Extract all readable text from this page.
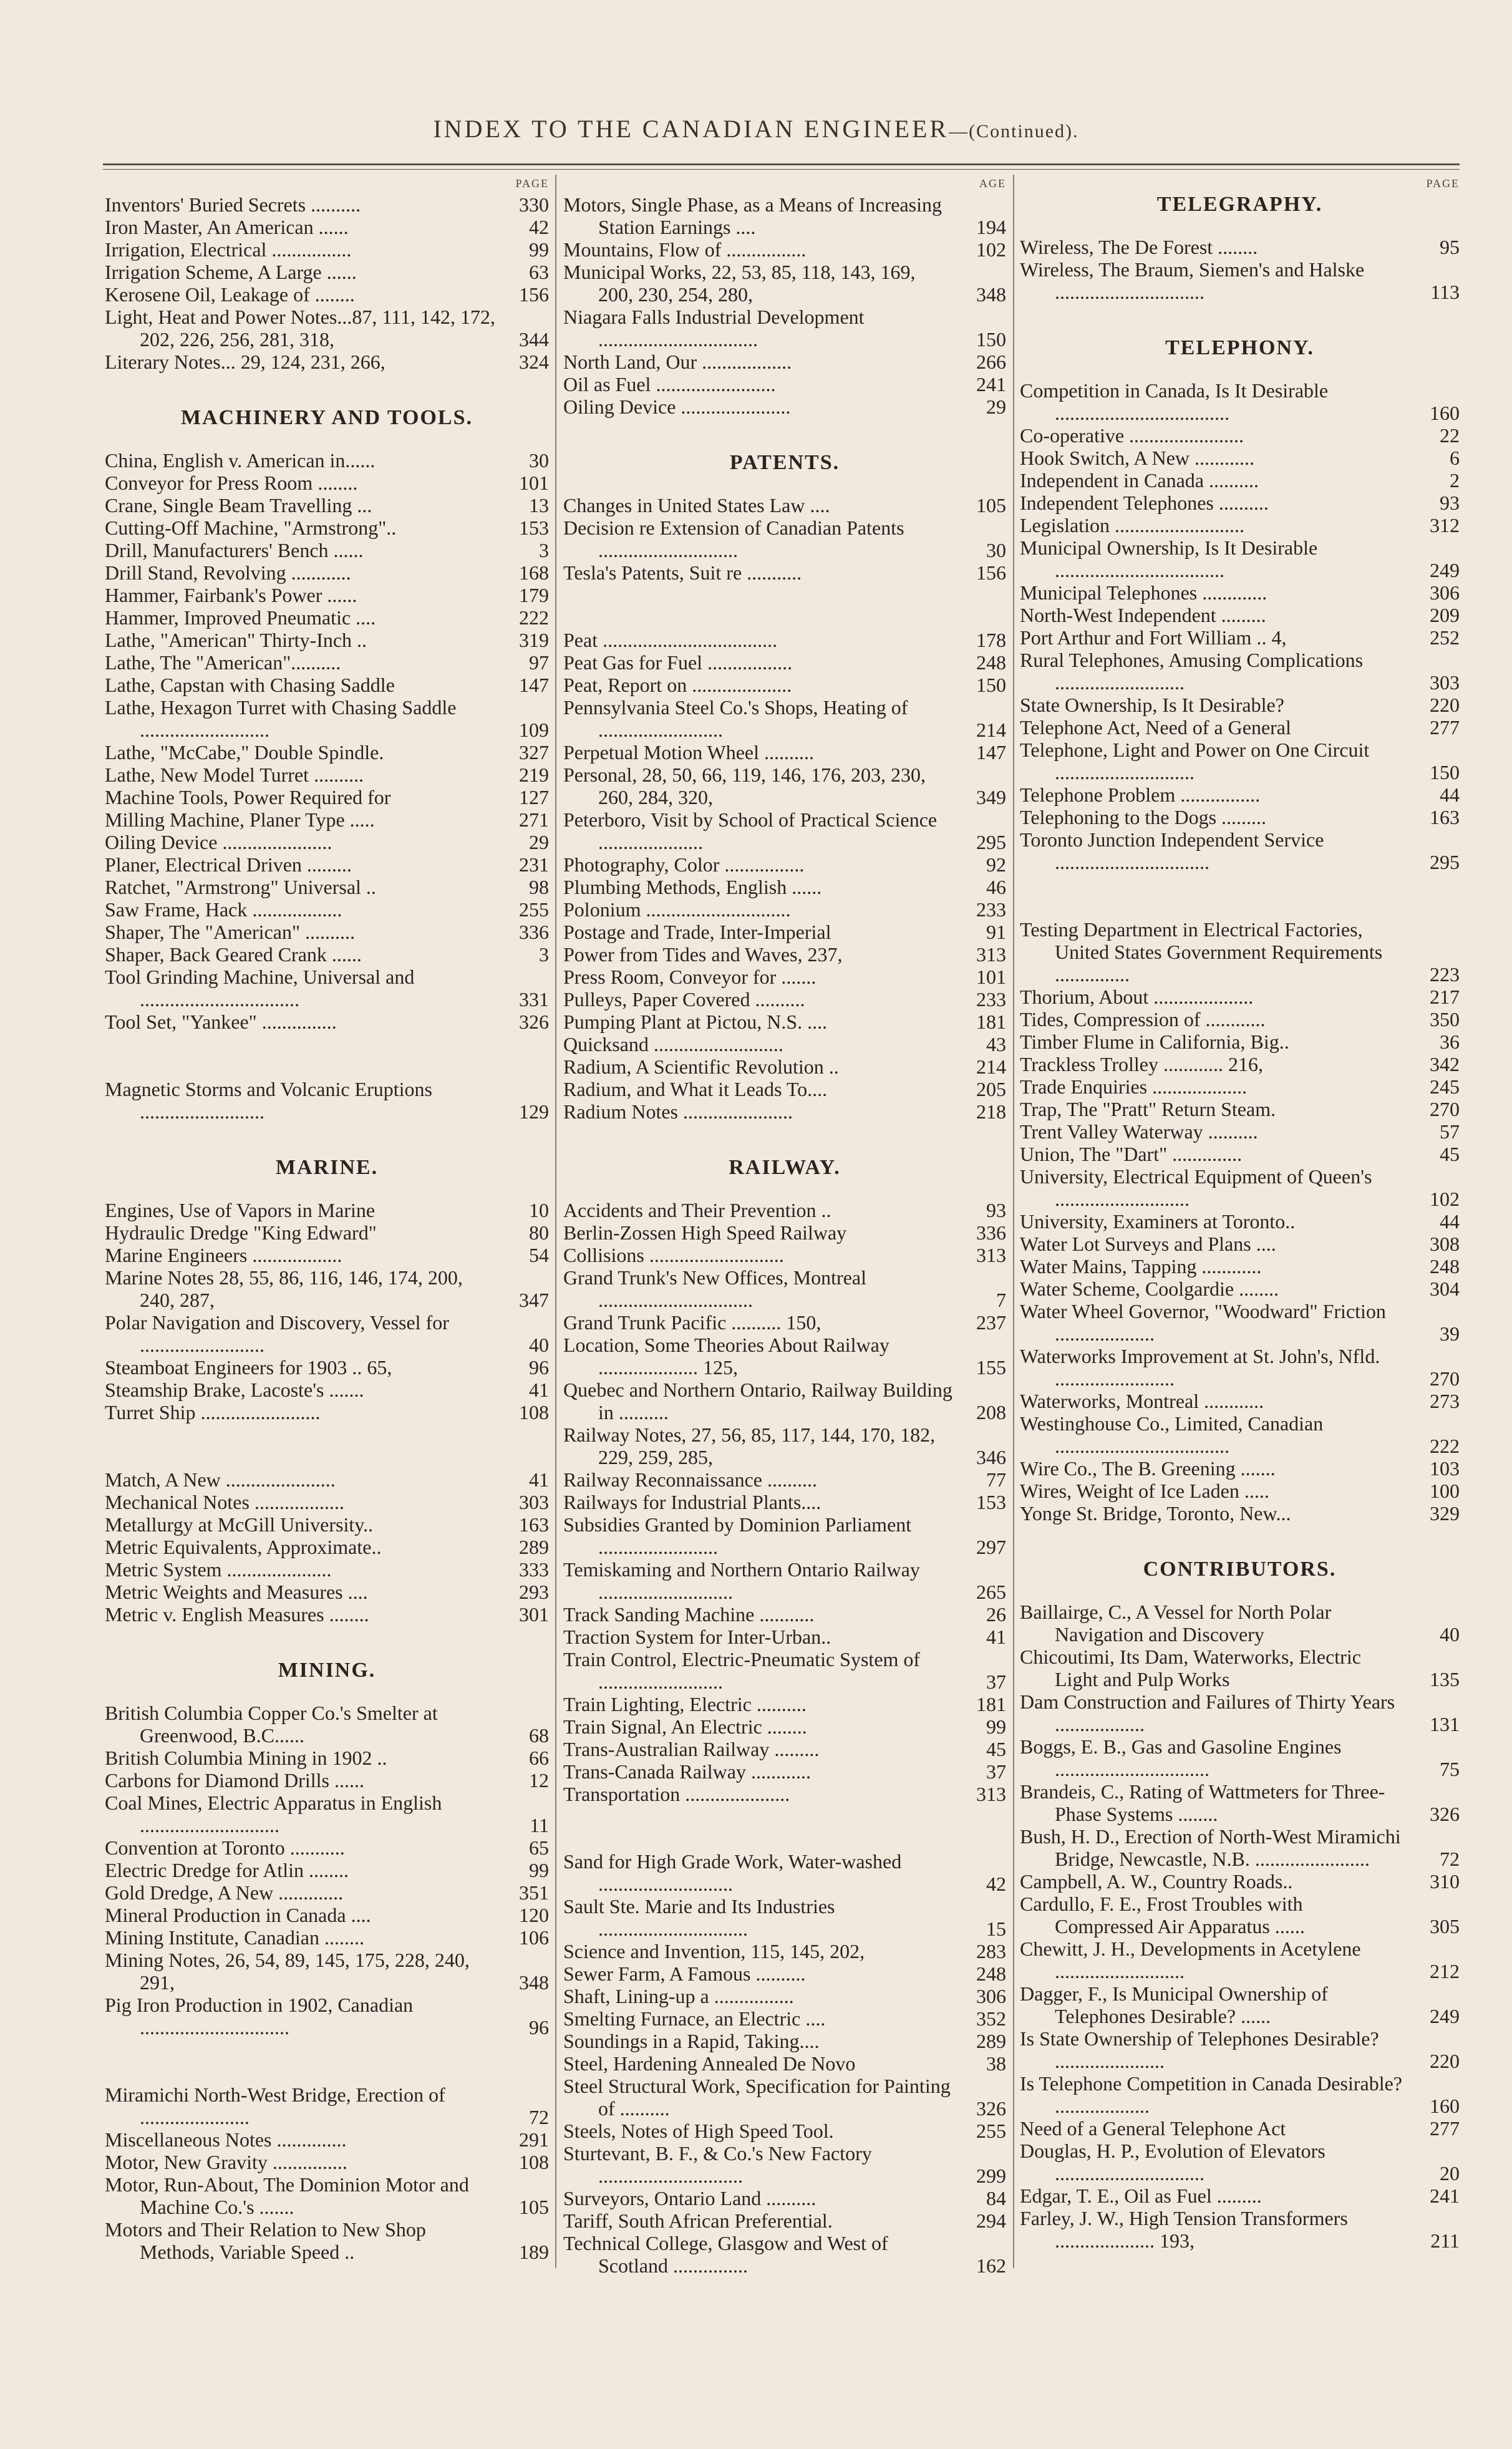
INDEX TO THE CANADIAN ENGINEER—(Continued).
PAGE
Inventors' Buried Secrets ..........	330
Iron Master, An American ......	42
Irrigation, Electrical ................	99
Irrigation Scheme, A Large ......	63
Kerosene Oil, Leakage of ........	156
Light, Heat and Power Notes...87, 111, 142, 172, 202, 226, 256, 281, 318,	344
Literary Notes... 29, 124, 231, 266,	324
MACHINERY AND TOOLS.
China, English v. American in......	30
Conveyor for Press Room ........	101
Crane, Single Beam Travelling ...	13
Cutting-Off Machine, "Armstrong"..	153
Drill, Manufacturers' Bench ......	3
Drill Stand, Revolving ............	168
Hammer, Fairbank's Power ......	179
Hammer, Improved Pneumatic ....	222
Lathe, "American" Thirty-Inch ..	319
Lathe, The "American"..........	97
Lathe, Capstan with Chasing Saddle	147
Lathe, Hexagon Turret with Chasing Saddle ..........................	109
Lathe, "McCabe," Double Spindle.	327
Lathe, New Model Turret ..........	219
Machine Tools, Power Required for	127
Milling Machine, Planer Type .....	271
Oiling Device ......................	29
Planer, Electrical Driven .........	231
Ratchet, "Armstrong" Universal ..	98
Saw Frame, Hack ..................	255
Shaper, The "American" ..........	336
Shaper, Back Geared Crank ......	3
Tool Grinding Machine, Universal and ................................	331
Tool Set, "Yankee" ...............	326
Magnetic Storms and Volcanic Eruptions .........................	129
MARINE.
Engines, Use of Vapors in Marine	10
Hydraulic Dredge "King Edward"	80
Marine Engineers ..................	54
Marine Notes 28, 55, 86, 116, 146, 174, 200, 240, 287,	347
Polar Navigation and Discovery, Vessel for .........................	40
Steamboat Engineers for 1903 .. 65,	96
Steamship Brake, Lacoste's .......	41
Turret Ship ........................	108
Match, A New ......................	41
Mechanical Notes ..................	303
Metallurgy at McGill University..	163
Metric Equivalents, Approximate..	289
Metric System .....................	333
Metric Weights and Measures ....	293
Metric v. English Measures ........	301
MINING.
British Columbia Copper Co.'s Smelter at Greenwood, B.C......	68
British Columbia Mining in 1902 ..	66
Carbons for Diamond Drills ......	12
Coal Mines, Electric Apparatus in English ............................	11
Convention at Toronto ...........	65
Electric Dredge for Atlin ........	99
Gold Dredge, A New .............	351
Mineral Production in Canada ....	120
Mining Institute, Canadian ........	106
Mining Notes, 26, 54, 89, 145, 175, 228, 240, 291,	348
Pig Iron Production in 1902, Canadian ..............................	96
Miramichi North-West Bridge, Erection of ......................	72
Miscellaneous Notes ..............	291
Motor, New Gravity ...............	108
Motor, Run-About, The Dominion Motor and Machine Co.'s .......	105
Motors and Their Relation to New Shop Methods, Variable Speed ..	189
AGE
Motors, Single Phase, as a Means of Increasing Station Earnings ....	194
Mountains, Flow of ................	102
Municipal Works, 22, 53, 85, 118, 143, 169, 200, 230, 254, 280,	348
Niagara Falls Industrial Development ................................	150
North Land, Our ..................	266
Oil as Fuel ........................	241
Oiling Device ......................	29
PATENTS.
Changes in United States Law ....	105
Decision re Extension of Canadian Patents ............................	30
Tesla's Patents, Suit re ...........	156
Peat ...................................	178
Peat Gas for Fuel .................	248
Peat, Report on ....................	150
Pennsylvania Steel Co.'s Shops, Heating of .........................	214
Perpetual Motion Wheel ..........	147
Personal, 28, 50, 66, 119, 146, 176, 203, 230, 260, 284, 320,	349
Peterboro, Visit by School of Practical Science .....................	295
Photography, Color ................	92
Plumbing Methods, English ......	46
Polonium .............................	233
Postage and Trade, Inter-Imperial	91
Power from Tides and Waves, 237,	313
Press Room, Conveyor for .......	101
Pulleys, Paper Covered ..........	233
Pumping Plant at Pictou, N.S. ....	181
Quicksand ..........................	43
Radium, A Scientific Revolution ..	214
Radium, and What it Leads To....	205
Radium Notes ......................	218
RAILWAY.
Accidents and Their Prevention ..	93
Berlin-Zossen High Speed Railway	336
Collisions ...........................	313
Grand Trunk's New Offices, Montreal ...............................	7
Grand Trunk Pacific .......... 150,	237
Location, Some Theories About Railway .................... 125,	155
Quebec and Northern Ontario, Railway Building in ..........	208
Railway Notes, 27, 56, 85, 117, 144, 170, 182, 229, 259, 285,	346
Railway Reconnaissance ..........	77
Railways for Industrial Plants....	153
Subsidies Granted by Dominion Parliament ........................	297
Temiskaming and Northern Ontario Railway ...........................	265
Track Sanding Machine ...........	26
Traction System for Inter-Urban..	41
Train Control, Electric-Pneumatic System of .........................	37
Train Lighting, Electric ..........	181
Train Signal, An Electric ........	99
Trans-Australian Railway .........	45
Trans-Canada Railway ............	37
Transportation .....................	313
Sand for High Grade Work, Water-washed ...........................	42
Sault Ste. Marie and Its Industries ..............................	15
Science and Invention, 115, 145, 202,	283
Sewer Farm, A Famous ..........	248
Shaft, Lining-up a ................	306
Smelting Furnace, an Electric ....	352
Soundings in a Rapid, Taking....	289
Steel, Hardening Annealed De Novo	38
Steel Structural Work, Specification for Painting of ..........	326
Steels, Notes of High Speed Tool.	255
Sturtevant, B. F., & Co.'s New Factory .............................	299
Surveyors, Ontario Land ..........	84
Tariff, South African Preferential.	294
Technical College, Glasgow and West of Scotland ...............	162
PAGE
TELEGRAPHY.
Wireless, The De Forest ........	95
Wireless, The Braum, Siemen's and Halske ..............................	113
TELEPHONY.
Competition in Canada, Is It Desirable ...................................	160
Co-operative .......................	22
Hook Switch, A New ............	6
Independent in Canada ..........	2
Independent Telephones ..........	93
Legislation ..........................	312
Municipal Ownership, Is It Desirable ..................................	249
Municipal Telephones .............	306
North-West Independent .........	209
Port Arthur and Fort William .. 4,	252
Rural Telephones, Amusing Complications ..........................	303
State Ownership, Is It Desirable?	220
Telephone Act, Need of a General	277
Telephone, Light and Power on One Circuit ............................	150
Telephone Problem ................	44
Telephoning to the Dogs .........	163
Toronto Junction Independent Service ...............................	295
Testing Department in Electrical Factories, United States Government Requirements ...............	223
Thorium, About ....................	217
Tides, Compression of ............	350
Timber Flume in California, Big..	36
Trackless Trolley ............ 216,	342
Trade Enquiries ...................	245
Trap, The "Pratt" Return Steam.	270
Trent Valley Waterway ..........	57
Union, The "Dart" ..............	45
University, Electrical Equipment of Queen's ...........................	102
University, Examiners at Toronto..	44
Water Lot Surveys and Plans ....	308
Water Mains, Tapping ............	248
Water Scheme, Coolgardie ........	304
Water Wheel Governor, "Woodward" Friction ....................	39
Waterworks Improvement at St. John's, Nfld. ........................	270
Waterworks, Montreal ............	273
Westinghouse Co., Limited, Canadian ...................................	222
Wire Co., The B. Greening .......	103
Wires, Weight of Ice Laden .....	100
Yonge St. Bridge, Toronto, New...	329
CONTRIBUTORS.
Baillairge, C., A Vessel for North Polar Navigation and Discovery	40
Chicoutimi, Its Dam, Waterworks, Electric Light and Pulp Works	135
Dam Construction and Failures of Thirty Years ..................	131
Boggs, E. B., Gas and Gasoline Engines ...............................	75
Brandeis, C., Rating of Wattmeters for Three-Phase Systems ........	326
Bush, H. D., Erection of North-West Miramichi Bridge, Newcastle, N.B. .......................	72
Campbell, A. W., Country Roads..	310
Cardullo, F. E., Frost Troubles with Compressed Air Apparatus ......	305
Chewitt, J. H., Developments in Acetylene ..........................	212
Dagger, F., Is Municipal Ownership of Telephones Desirable? ......	249
Is State Ownership of Telephones Desirable? ......................	220
Is Telephone Competition in Canada Desirable? ...................	160
Need of a General Telephone Act	277
Douglas, H. P., Evolution of Elevators ..............................	20
Edgar, T. E., Oil as Fuel .........	241
Farley, J. W., High Tension Transformers .................... 193,	211
